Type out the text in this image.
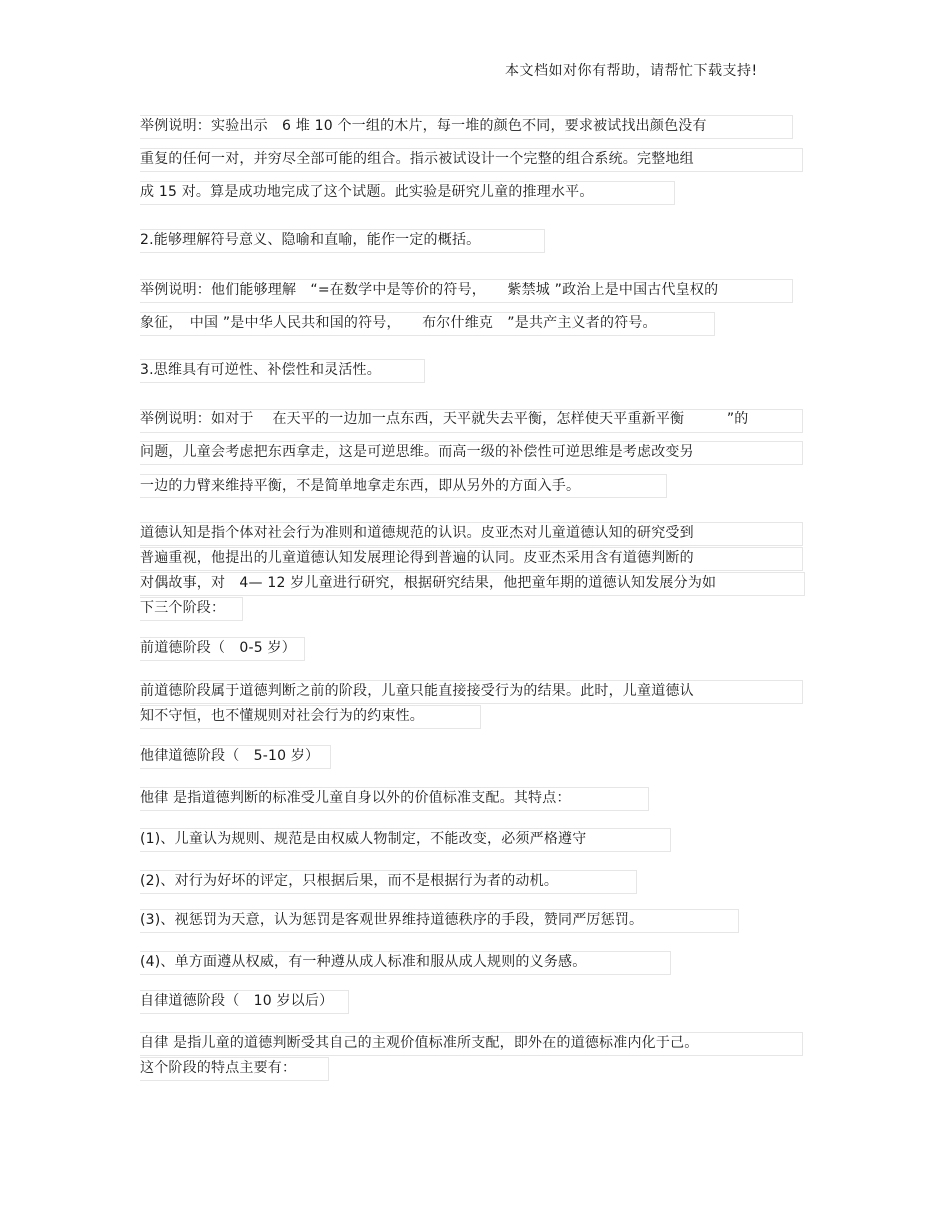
本文档如对你有帮助，请帮忙下载支持!
举例说明：实验出示　6 堆 10 个一组的木片，每一堆的颜色不同，要求被试找出颜色没有
重复的任何一对，并穷尽全部可能的组合。指示被试设计一个完整的组合系统。完整地组
成 15 对。算是成功地完成了这个试题。此实验是研究儿童的推理水平。
2.能够理解符号意义、隐喻和直喻，能作一定的概括。
举例说明：他们能够理解　“=在数学中是等价的符号，　　紫禁城 ”政治上是中国古代皇权的
象征，　中国 ”是中华人民共和国的符号，　　布尔什维克　”是共产主义者的符号。
3.思维具有可逆性、补偿性和灵活性。
举例说明：如对于　 在天平的一边加一点东西，天平就失去平衡，怎样使天平重新平衡　　　”的
问题，儿童会考虑把东西拿走，这是可逆思维。而高一级的补偿性可逆思维是考虑改变另
一边的力臂来维持平衡，不是简单地拿走东西，即从另外的方面入手。
道德认知是指个体对社会行为准则和道德规范的认识。皮亚杰对儿童道德认知的研究受到
普遍重视，他提出的儿童道德认知发展理论得到普遍的认同。皮亚杰采用含有道德判断的
对偶故事，对　4— 12 岁儿童进行研究，根据研究结果，他把童年期的道德认知发展分为如
下三个阶段：
前道德阶段（　0-5 岁）
前道德阶段属于道德判断之前的阶段，儿童只能直接接受行为的结果。此时，儿童道德认
知不守恒，也不懂规则对社会行为的约束性。
他律道德阶段（　5-10 岁）
他律 是指道德判断的标准受儿童自身以外的价值标准支配。其特点：
(1)、儿童认为规则、规范是由权威人物制定，不能改变，必须严格遵守
(2)、对行为好坏的评定，只根据后果，而不是根据行为者的动机。
(3)、视惩罚为天意，认为惩罚是客观世界维持道德秩序的手段，赞同严厉惩罚。
(4)、单方面遵从权威，有一种遵从成人标准和服从成人规则的义务感。
自律道德阶段（　10 岁以后）
自律 是指儿童的道德判断受其自己的主观价值标准所支配，即外在的道德标准内化于己。
这个阶段的特点主要有：
